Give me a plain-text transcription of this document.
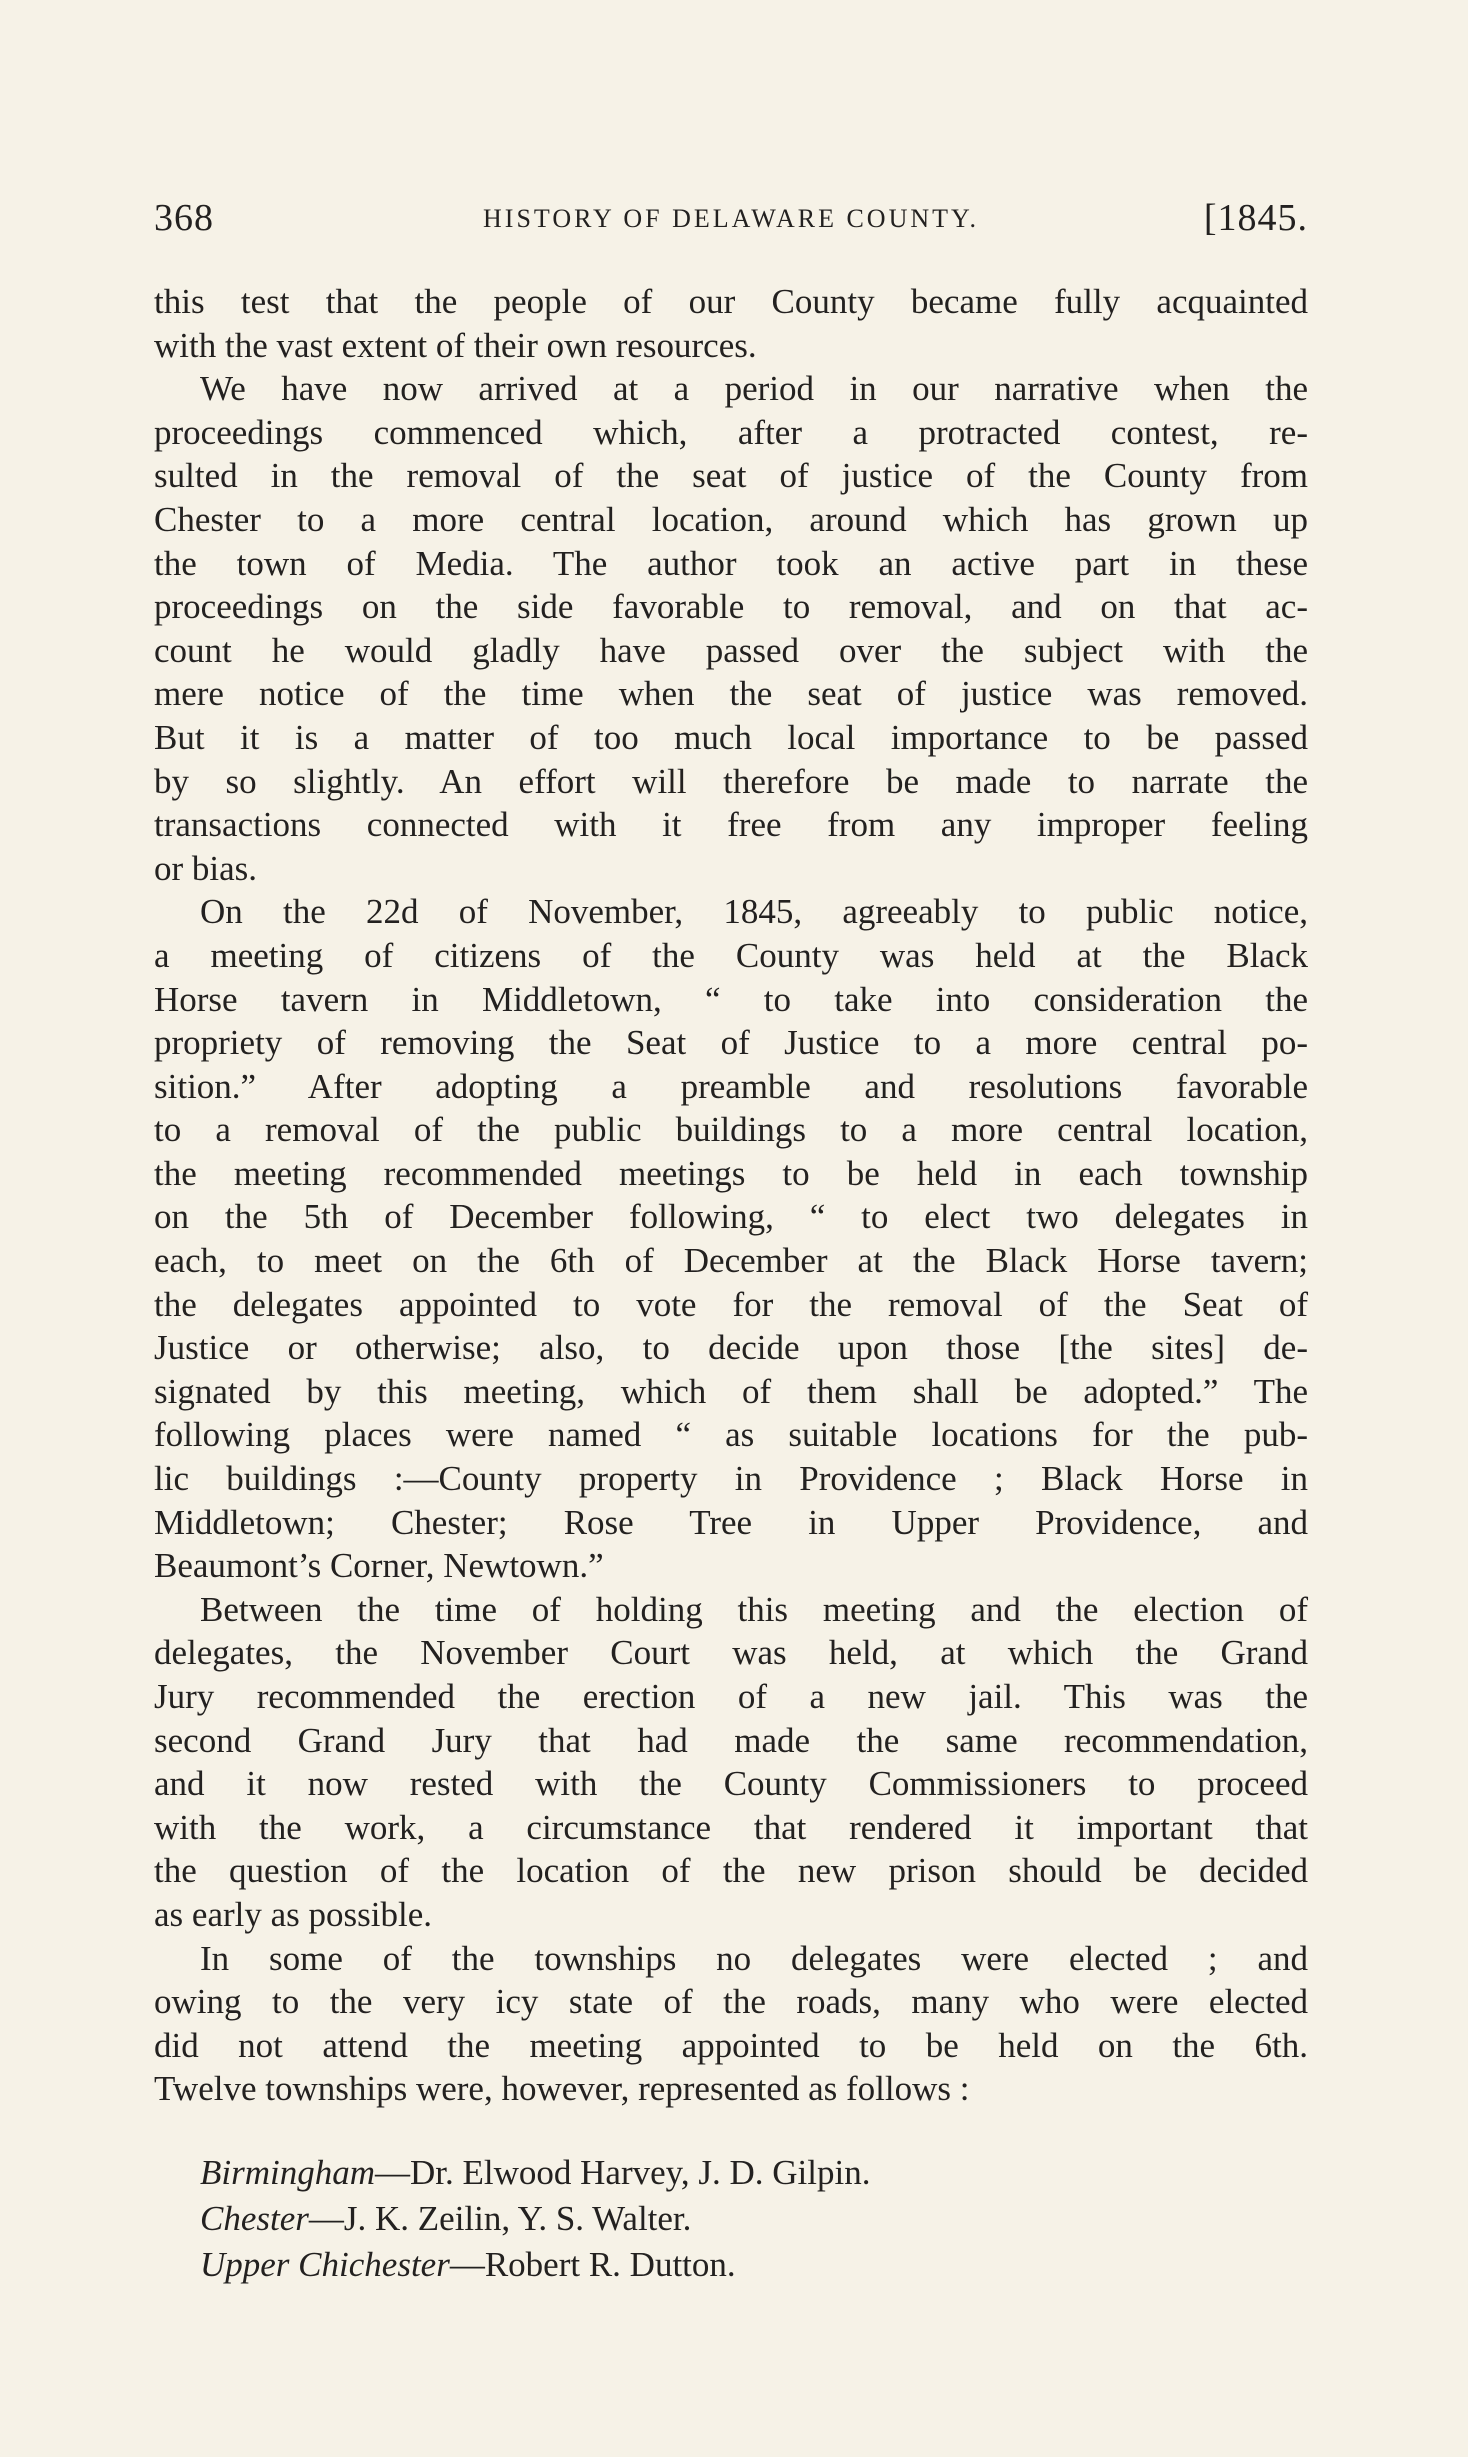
368	HISTORY OF DELAWARE COUNTY.	[1845.
this test that the people of our County became fully acquainted
with the vast extent of their own resources.
We have now arrived at a period in our narrative when the
proceedings commenced which, after a protracted contest, re-
sulted in the removal of the seat of justice of the County from
Chester to a more central location, around which has grown up
the town of Media. The author took an active part in these
proceedings on the side favorable to removal, and on that ac-
count he would gladly have passed over the subject with the
mere notice of the time when the seat of justice was removed.
But it is a matter of too much local importance to be passed
by so slightly. An effort will therefore be made to narrate the
transactions connected with it free from any improper feeling
or bias.
On the 22d of November, 1845, agreeably to public notice,
a meeting of citizens of the County was held at the Black
Horse tavern in Middletown, “ to take into consideration the
propriety of removing the Seat of Justice to a more central po-
sition.” After adopting a preamble and resolutions favorable
to a removal of the public buildings to a more central location,
the meeting recommended meetings to be held in each township
on the 5th of December following, “ to elect two delegates in
each, to meet on the 6th of December at the Black Horse tavern;
the delegates appointed to vote for the removal of the Seat of
Justice or otherwise; also, to decide upon those [the sites] de-
signated by this meeting, which of them shall be adopted.” The
following places were named “ as suitable locations for the pub-
lic buildings :—County property in Providence ; Black Horse in
Middletown; Chester; Rose Tree in Upper Providence, and
Beaumont’s Corner, Newtown.”
Between the time of holding this meeting and the election of
delegates, the November Court was held, at which the Grand
Jury recommended the erection of a new jail. This was the
second Grand Jury that had made the same recommendation,
and it now rested with the County Commissioners to proceed
with the work, a circumstance that rendered it important that
the question of the location of the new prison should be decided
as early as possible.
In some of the townships no delegates were elected ; and
owing to the very icy state of the roads, many who were elected
did not attend the meeting appointed to be held on the 6th.
Twelve townships were, however, represented as follows :
Birmingham—Dr. Elwood Harvey, J. D. Gilpin.
Chester—J. K. Zeilin, Y. S. Walter.
Upper Chichester—Robert R. Dutton.
